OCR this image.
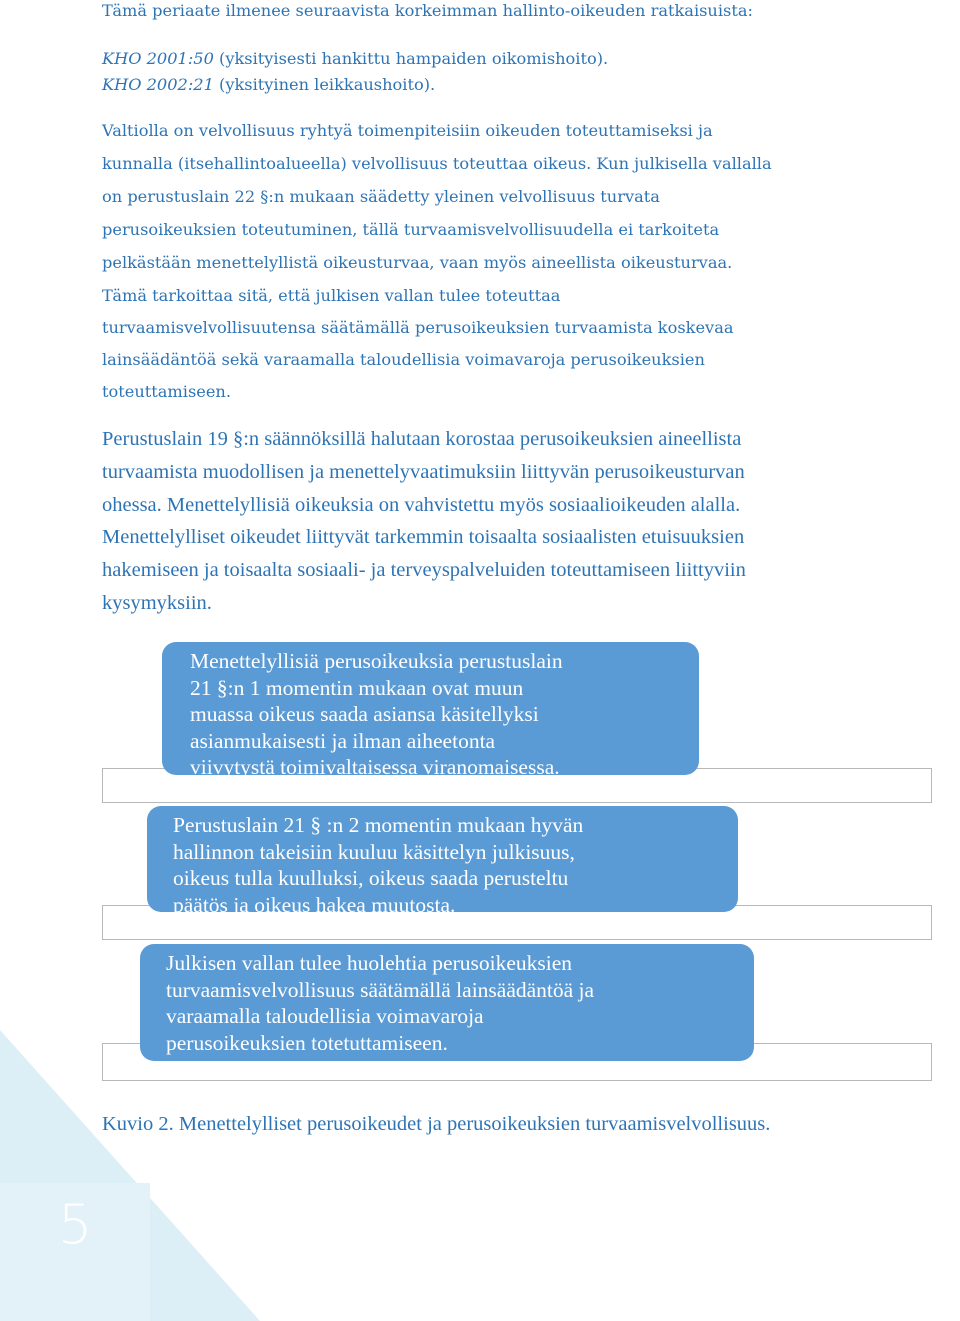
5
Tämä periaate ilmenee seuraavista korkeimman hallinto-oikeuden ratkaisuista:
KHO 2001:50 (yksityisesti hankittu hampaiden oikomishoito).
KHO 2002:21 (yksityinen leikkaushoito).
Valtiolla on velvollisuus ryhtyä toimenpiteisiin oikeuden toteuttamiseksi ja
kunnalla (itsehallintoalueella) velvollisuus toteuttaa oikeus. Kun julkisella vallalla
on perustuslain 22 §:n mukaan säädetty yleinen velvollisuus turvata
perusoikeuksien toteutuminen, tällä turvaamisvelvollisuudella ei tarkoiteta
pelkästään menettelyllistä oikeusturvaa, vaan myös aineellista oikeusturvaa.
Tämä tarkoittaa sitä, että julkisen vallan tulee toteuttaa
turvaamisvelvollisuutensa säätämällä perusoikeuksien turvaamista koskevaa
lainsäädäntöä sekä varaamalla taloudellisia voimavaroja perusoikeuksien
toteuttamiseen.
Perustuslain 19 §:n säännöksillä halutaan korostaa perusoikeuksien aineellista
turvaamista muodollisen ja menettelyvaatimuksiin liittyvän perusoikeusturvan
ohessa. Menettelyllisiä oikeuksia on vahvistettu myös sosiaalioikeuden alalla.
Menettelylliset oikeudet liittyvät tarkemmin toisaalta sosiaalisten etuisuuksien
hakemiseen ja toisaalta sosiaali- ja terveyspalveluiden toteuttamiseen liittyviin
kysymyksiin.
Menettelyllisiä perusoikeuksia perustuslain
21 §:n 1 momentin mukaan ovat muun
muassa oikeus saada asiansa käsitellyksi
asianmukaisesti ja ilman aiheetonta
viivytystä toimivaltaisessa viranomaisessa.
Perustuslain 21 § :n 2 momentin mukaan hyvän
hallinnon takeisiin kuuluu käsittelyn julkisuus,
oikeus tulla kuulluksi, oikeus saada perusteltu
päätös ja oikeus hakea muutosta.
Julkisen vallan tulee huolehtia perusoikeuksien
turvaamisvelvollisuus säätämällä lainsäädäntöä ja
varaamalla taloudellisia voimavaroja
perusoikeuksien totetuttamiseen.
Kuvio 2. Menettelylliset perusoikeudet ja perusoikeuksien turvaamisvelvollisuus.
